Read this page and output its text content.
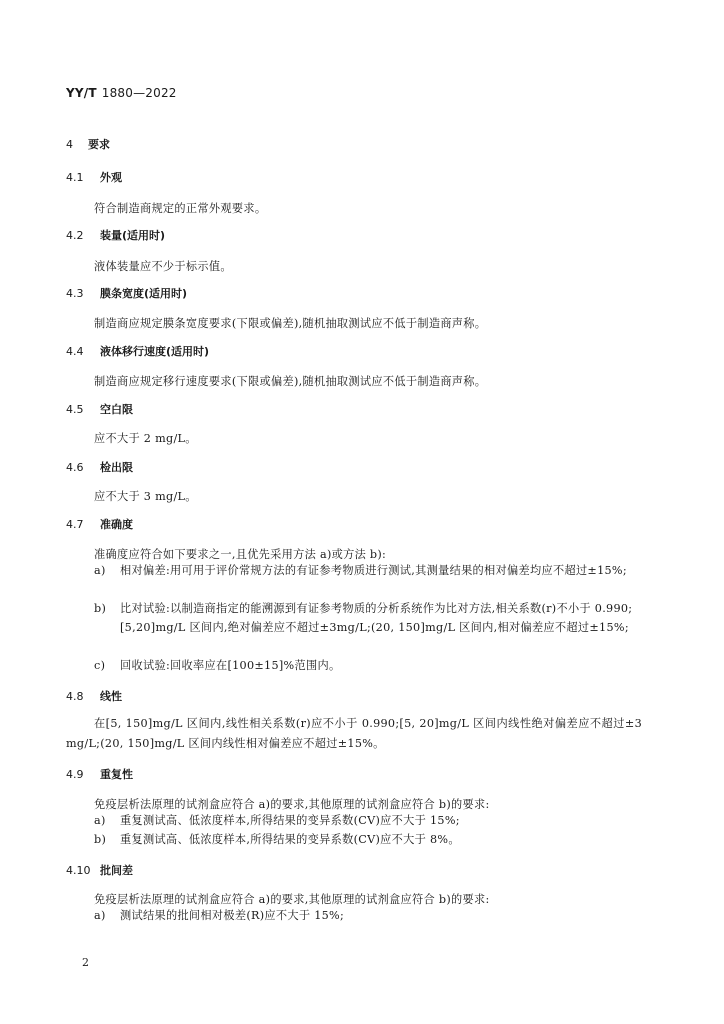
YY/T 1880—2022
4 要求
4.1 外观
符合制造商规定的正常外观要求。
4.2 装量(适用时)
液体装量应不少于标示值。
4.3 膜条宽度(适用时)
制造商应规定膜条宽度要求(下限或偏差),随机抽取测试应不低于制造商声称。
4.4 液体移行速度(适用时)
制造商应规定移行速度要求(下限或偏差),随机抽取测试应不低于制造商声称。
4.5 空白限
应不大于 2 mg/L。
4.6 检出限
应不大于 3 mg/L。
4.7 准确度
准确度应符合如下要求之一,且优先采用方法 a)或方法 b):
a) 相对偏差:用可用于评价常规方法的有证参考物质进行测试,其测量结果的相对偏差均应不超过±15%;
b) 比对试验:以制造商指定的能溯源到有证参考物质的分析系统作为比对方法,相关系数(r)不小于 0.990;[5,20]mg/L 区间内,绝对偏差应不超过±3mg/L;(20, 150]mg/L 区间内,相对偏差应不超过±15%;
c) 回收试验:回收率应在[100±15]%范围内。
4.8 线性
在[5, 150]mg/L 区间内,线性相关系数(r)应不小于 0.990;[5, 20]mg/L 区间内线性绝对偏差应不超过±3 mg/L;(20, 150]mg/L 区间内线性相对偏差应不超过±15%。
4.9 重复性
免疫层析法原理的试剂盒应符合 a)的要求,其他原理的试剂盒应符合 b)的要求:
a) 重复测试高、低浓度样本,所得结果的变异系数(CV)应不大于 15%;
b) 重复测试高、低浓度样本,所得结果的变异系数(CV)应不大于 8%。
4.10 批间差
免疫层析法原理的试剂盒应符合 a)的要求,其他原理的试剂盒应符合 b)的要求:
a) 测试结果的批间相对极差(R)应不大于 15%;
2
